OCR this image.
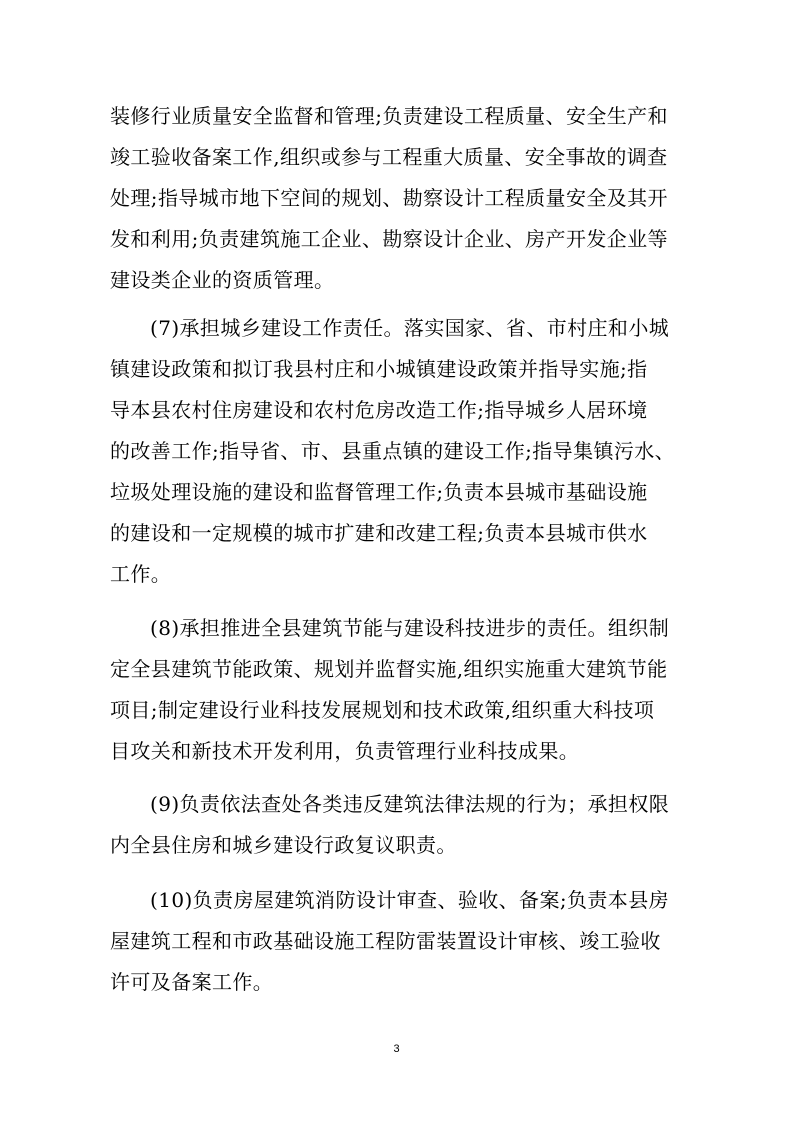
装修行业质量安全监督和管理;负责建设工程质量、安全生产和
竣工验收备案工作,组织或参与工程重大质量、安全事故的调查
处理;指导城市地下空间的规划、勘察设计工程质量安全及其开
发和利用;负责建筑施工企业、勘察设计企业、房产开发企业等
建设类企业的资质管理。
(7)承担城乡建设工作责任。落实国家、省、市村庄和小城
镇建设政策和拟订我县村庄和小城镇建设政策并指导实施;指
导本县农村住房建设和农村危房改造工作;指导城乡人居环境
的改善工作;指导省、市、县重点镇的建设工作;指导集镇污水、
垃圾处理设施的建设和监督管理工作;负责本县城市基础设施
的建设和一定规模的城市扩建和改建工程;负责本县城市供水
工作。
(8)承担推进全县建筑节能与建设科技进步的责任。组织制
定全县建筑节能政策、规划并监督实施,组织实施重大建筑节能
项目;制定建设行业科技发展规划和技术政策,组织重大科技项
目攻关和新技术开发利用，负责管理行业科技成果。
(9)负责依法查处各类违反建筑法律法规的行为；承担权限
内全县住房和城乡建设行政复议职责。
(10)负责房屋建筑消防设计审查、验收、备案;负责本县房
屋建筑工程和市政基础设施工程防雷装置设计审核、竣工验收
许可及备案工作。
3
